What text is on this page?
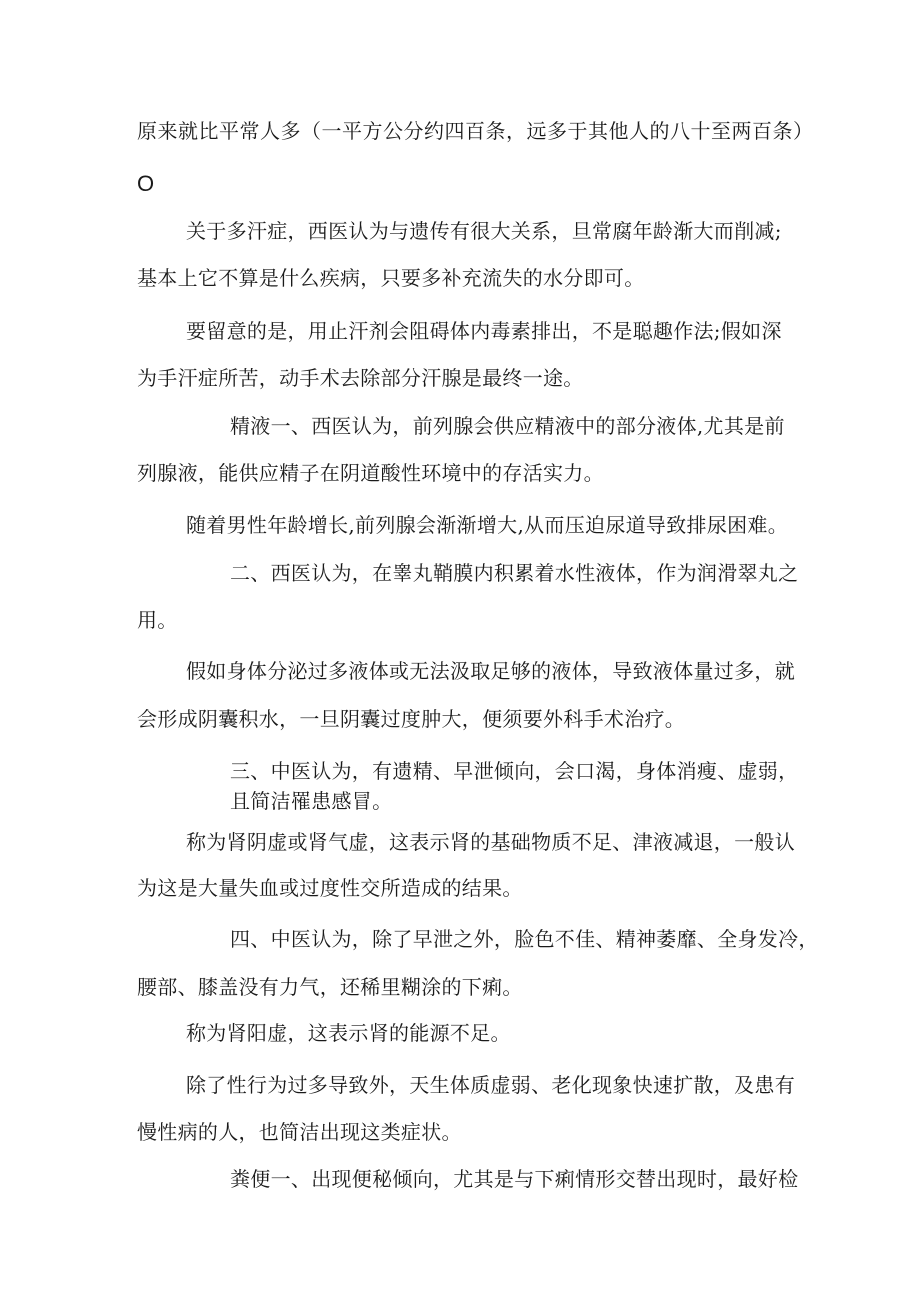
原来就比平常人多（一平方公分约四百条，远多于其他人的八十至两百条）
O
关于多汗症，西医认为与遗传有很大关系，旦常腐年龄渐大而削减;
基本上它不算是什么疾病，只要多补充流失的水分即可。
要留意的是，用止汗剂会阻碍体内毒素排出，不是聪趣作法;假如深
为手汗症所苦，动手术去除部分汗腺是最终一途。
精液一、西医认为，前列腺会供应精液中的部分液体,尤其是前
列腺液，能供应精子在阴道酸性环境中的存活实力。
随着男性年龄增长,前列腺会渐渐增大,从而压迫尿道导致排尿困难。
二、西医认为，在睾丸鞘膜内积累着水性液体，作为润滑翠丸之
用。
假如身体分泌过多液体或无法汲取足够的液体，导致液体量过多，就
会形成阴囊积水，一旦阴囊过度肿大，便须要外科手术治疗。
三、中医认为，有遗精、早泄倾向，会口渴，身体消瘦、虚弱，
且简洁罹患感冒。
称为肾阴虚或肾气虚，这表示肾的基础物质不足、津液减退，一般认
为这是大量失血或过度性交所造成的结果。
四、中医认为，除了早泄之外，脸色不佳、精神萎靡、全身发冷，
腰部、膝盖没有力气，还稀里糊涂的下痢。
称为肾阳虚，这表示肾的能源不足。
除了性行为过多导致外，天生体质虚弱、老化现象快速扩散，及患有
慢性病的人，也简洁出现这类症状。
粪便一、出现便秘倾向，尤其是与下痢情形交替出现时，最好检
